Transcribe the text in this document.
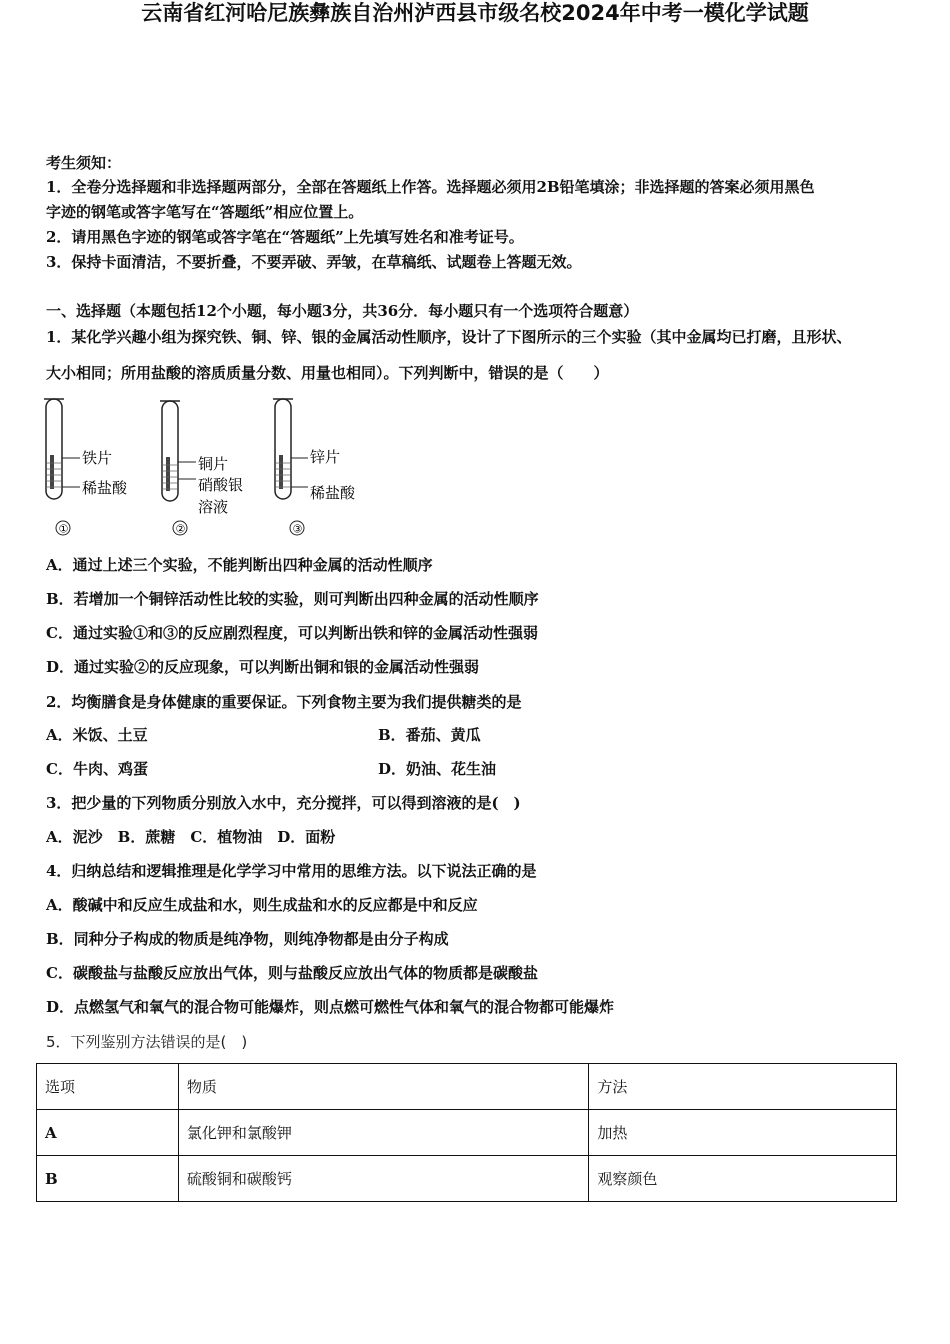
云南省红河哈尼族彝族自治州泸西县市级名校2024年中考一模化学试题
考生须知：
1．全卷分选择题和非选择题两部分，全部在答题纸上作答。选择题必须用2B铅笔填涂；非选择题的答案必须用黑色
字迹的钢笔或答字笔写在“答题纸”相应位置上。
2．请用黑色字迹的钢笔或答字笔在“答题纸”上先填写姓名和准考证号。
3．保持卡面清洁，不要折叠，不要弄破、弄皱，在草稿纸、试题卷上答题无效。
一、选择题（本题包括12个小题，每小题3分，共36分．每小题只有一个选项符合题意）
1．某化学兴趣小组为探究铁、铜、锌、银的金属活动性顺序，设计了下图所示的三个实验（其中金属均已打磨，且形状、
大小相同；所用盐酸的溶质质量分数、用量也相同）。下列判断中，错误的是（　　）
铁片
稀盐酸
①
铜片
硝酸银
溶液
②
锌片
稀盐酸
③
A．通过上述三个实验，不能判断出四种金属的活动性顺序
B．若增加一个铜锌活动性比较的实验，则可判断出四种金属的活动性顺序
C．通过实验①和③的反应剧烈程度，可以判断出铁和锌的金属活动性强弱
D．通过实验②的反应现象，可以判断出铜和银的金属活动性强弱
2．均衡膳食是身体健康的重要保证。下列食物主要为我们提供糖类的是
A．米饭、土豆	B．番茄、黄瓜
C．牛肉、鸡蛋	D．奶油、花生油
3．把少量的下列物质分别放入水中，充分搅拌，可以得到溶液的是(　)
A．泥沙　B．蔗糖　C．植物油　D．面粉
4．归纳总结和逻辑推理是化学学习中常用的思维方法。以下说法正确的是
A．酸碱中和反应生成盐和水，则生成盐和水的反应都是中和反应
B．同种分子构成的物质是纯净物，则纯净物都是由分子构成
C．碳酸盐与盐酸反应放出气体，则与盐酸反应放出气体的物质都是碳酸盐
D．点燃氢气和氧气的混合物可能爆炸，则点燃可燃性气体和氧气的混合物都可能爆炸
5．下列鉴别方法错误的是(　)
选项	物质	方法
A	氯化钾和氯酸钾	加热
B	硫酸铜和碳酸钙	观察颜色
